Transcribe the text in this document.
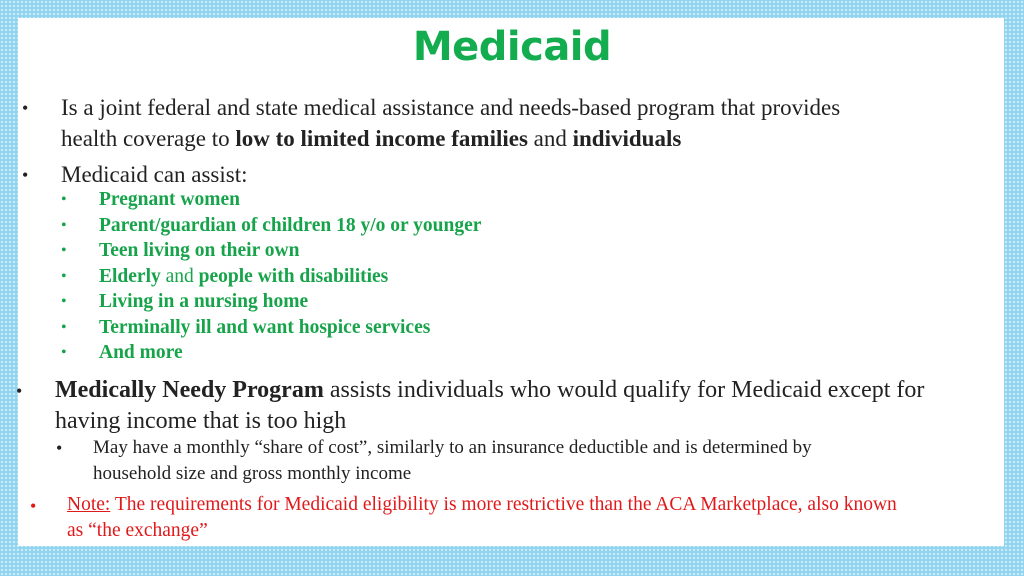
Medicaid
• Is a joint federal and state medical assistance and needs-based program that provides
health coverage to low to limited income families and individuals
• Medicaid can assist:
• Pregnant women
• Parent/guardian of children 18 y/o or younger
• Teen living on their own
• Elderly and people with disabilities
• Living in a nursing home
• Terminally ill and want hospice services
• And more
• Medically Needy Program assists individuals who would qualify for Medicaid except for
having income that is too high
• May have a monthly “share of cost”, similarly to an insurance deductible and is determined by
household size and gross monthly income
• Note: The requirements for Medicaid eligibility is more restrictive than the ACA Marketplace, also known
as “the exchange”
